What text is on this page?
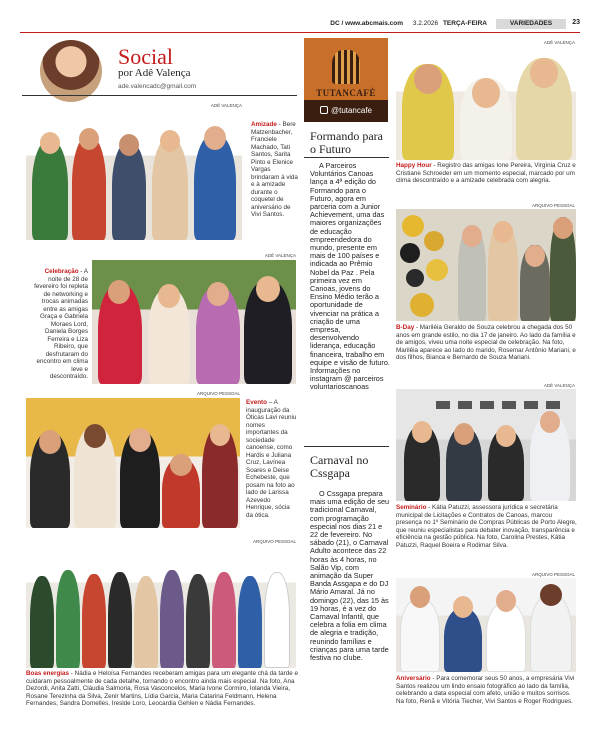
DC / www.abcmais.com 3.2.2026 TERÇA-FEIRA	VARIEDADES	23
Social
por Adê Valença
ade.valencadc@gmail.com
ADÊ VALENÇA
Amizade - Bere Matzenbacher, Franciele Machado, Tati Santos, Sarita Pinto e Elenice Vargas brindaram à vida e à amizade durante o coquetel de aniversário de Vivi Santos.
ADÊ VALENÇA
Celebração - A noite de 28 de fevereiro foi repleta de networking e trocas animadas entre as amigas Graça e Gabriela Moraes Lord, Daniela Borges Ferreira e Liza Ribeiro, que desfrutaram do encontro em clima leve e descontraído.
ARQUIVO PESSOAL
Evento – A inauguração da Óticas Lavi reuniu nomes importantes da sociedade canoense, como Hardis e Juliana Cruz, Lavínea Soares e Deise Echebeste, que posam na foto ao lado de Larissa Azevedo Henrique, sócia da ótica.
ARQUIVO PESSOAL
Boas energias - Nádia e Heloísa Fernandes receberam amigas para um elegante chá da tarde e cuidaram pessoalmente de cada detalhe, tornando o encontro ainda mais especial. Na foto, Ana Dezordi, Anita Zatti, Cláudia Salmoria, Rosa Vasconcelos, Maria Ivone Cormiro, Iolanda Vieira, Rosane Terezinha da Silva, Zenir Martins, Lídia Garcia, Maria Catarina Feldmann, Helena Fernandes, Sandra Dornelles, Ireslde Loro, Leocardia Gehlen e Nádia Fernandes.
TUTANCAFÉ
@tutancafe
Formando para o Futuro
A Parceiros Voluntários Canoas lança a 4ª edição do Formando para o Futuro, agora em parceria com a Junior Achievement, uma das maiores organizações de educação empreendedora do mundo, presente em mais de 100 países e indicada ao Prêmio Nobel da Paz . Pela primeira vez em Canoas, jovens do Ensino Médio terão a oportunidade de vivenciar na prática a criação de uma empresa, desenvolvendo liderança, educação financeira, trabalho em equipe e visão de futuro. Informações no instagram @ parceiros voluntarioscanoas
Carnaval no Cssgapa
O Cssgapa prepara mais uma edição de seu tradicional Carnaval, com programação especial nos dias 21 e 22 de fevereiro. No sábado (21), o Carnaval Adulto acontece das 22 horas às 4 horas, no Salão Vip, com animação da Super Banda Assgapa e do DJ Mário Amaral. Já no domingo (22), das 15 às 19 horas, é a vez do Carnaval Infantil, que celebra a folia em clima de alegria e tradição, reunindo famílias e crianças para uma tarde festiva no clube.
ADÊ VALENÇA
Happy Hour - Registro das amigas Ione Pereira, Virgínia Cruz e Cristiane Schroeder em um momento especial, marcado por um clima descontraído e a amizade celebrada com alegria.
ARQUIVO PESSOAL
B-Day - Mariléia Geraldo de Souza celebrou a chegada dos 50 anos em grande estilo, no dia 17 de janeiro. Ao lado da família e de amigos, viveu uma noite especial de celebração. Na foto, Marilêia aparece ao lado do marido, Rosemar Antônio Mariani, e dos filhos, Bianca e Bernardo de Souza Mariani.
ADÊ VALENÇA
Seminário - Kátia Patuzzi, assessora jurídica e secretária municipal de Licitações e Contratos de Canoas, marcou presença no 1º Seminário de Compras Públicas de Porto Alegre, que reuniu especialistas para debater inovação, transparência e eficiência na gestão pública. Na foto, Carolina Prestes, Kátia Patuzzi, Raquel Boeira e Rodimar Silva.
ARQUIVO PESSOAL
Aniversário - Para comemorar seus 50 anos, a empresária Vivi Santos realizou um lindo ensaio fotográfico ao lado da família, celebrando a data especial com afeto, união e muitos sorrisos. Na foto, Renã e Vitória Tiecher, Vivi Santos e Roger Rodrigues.
